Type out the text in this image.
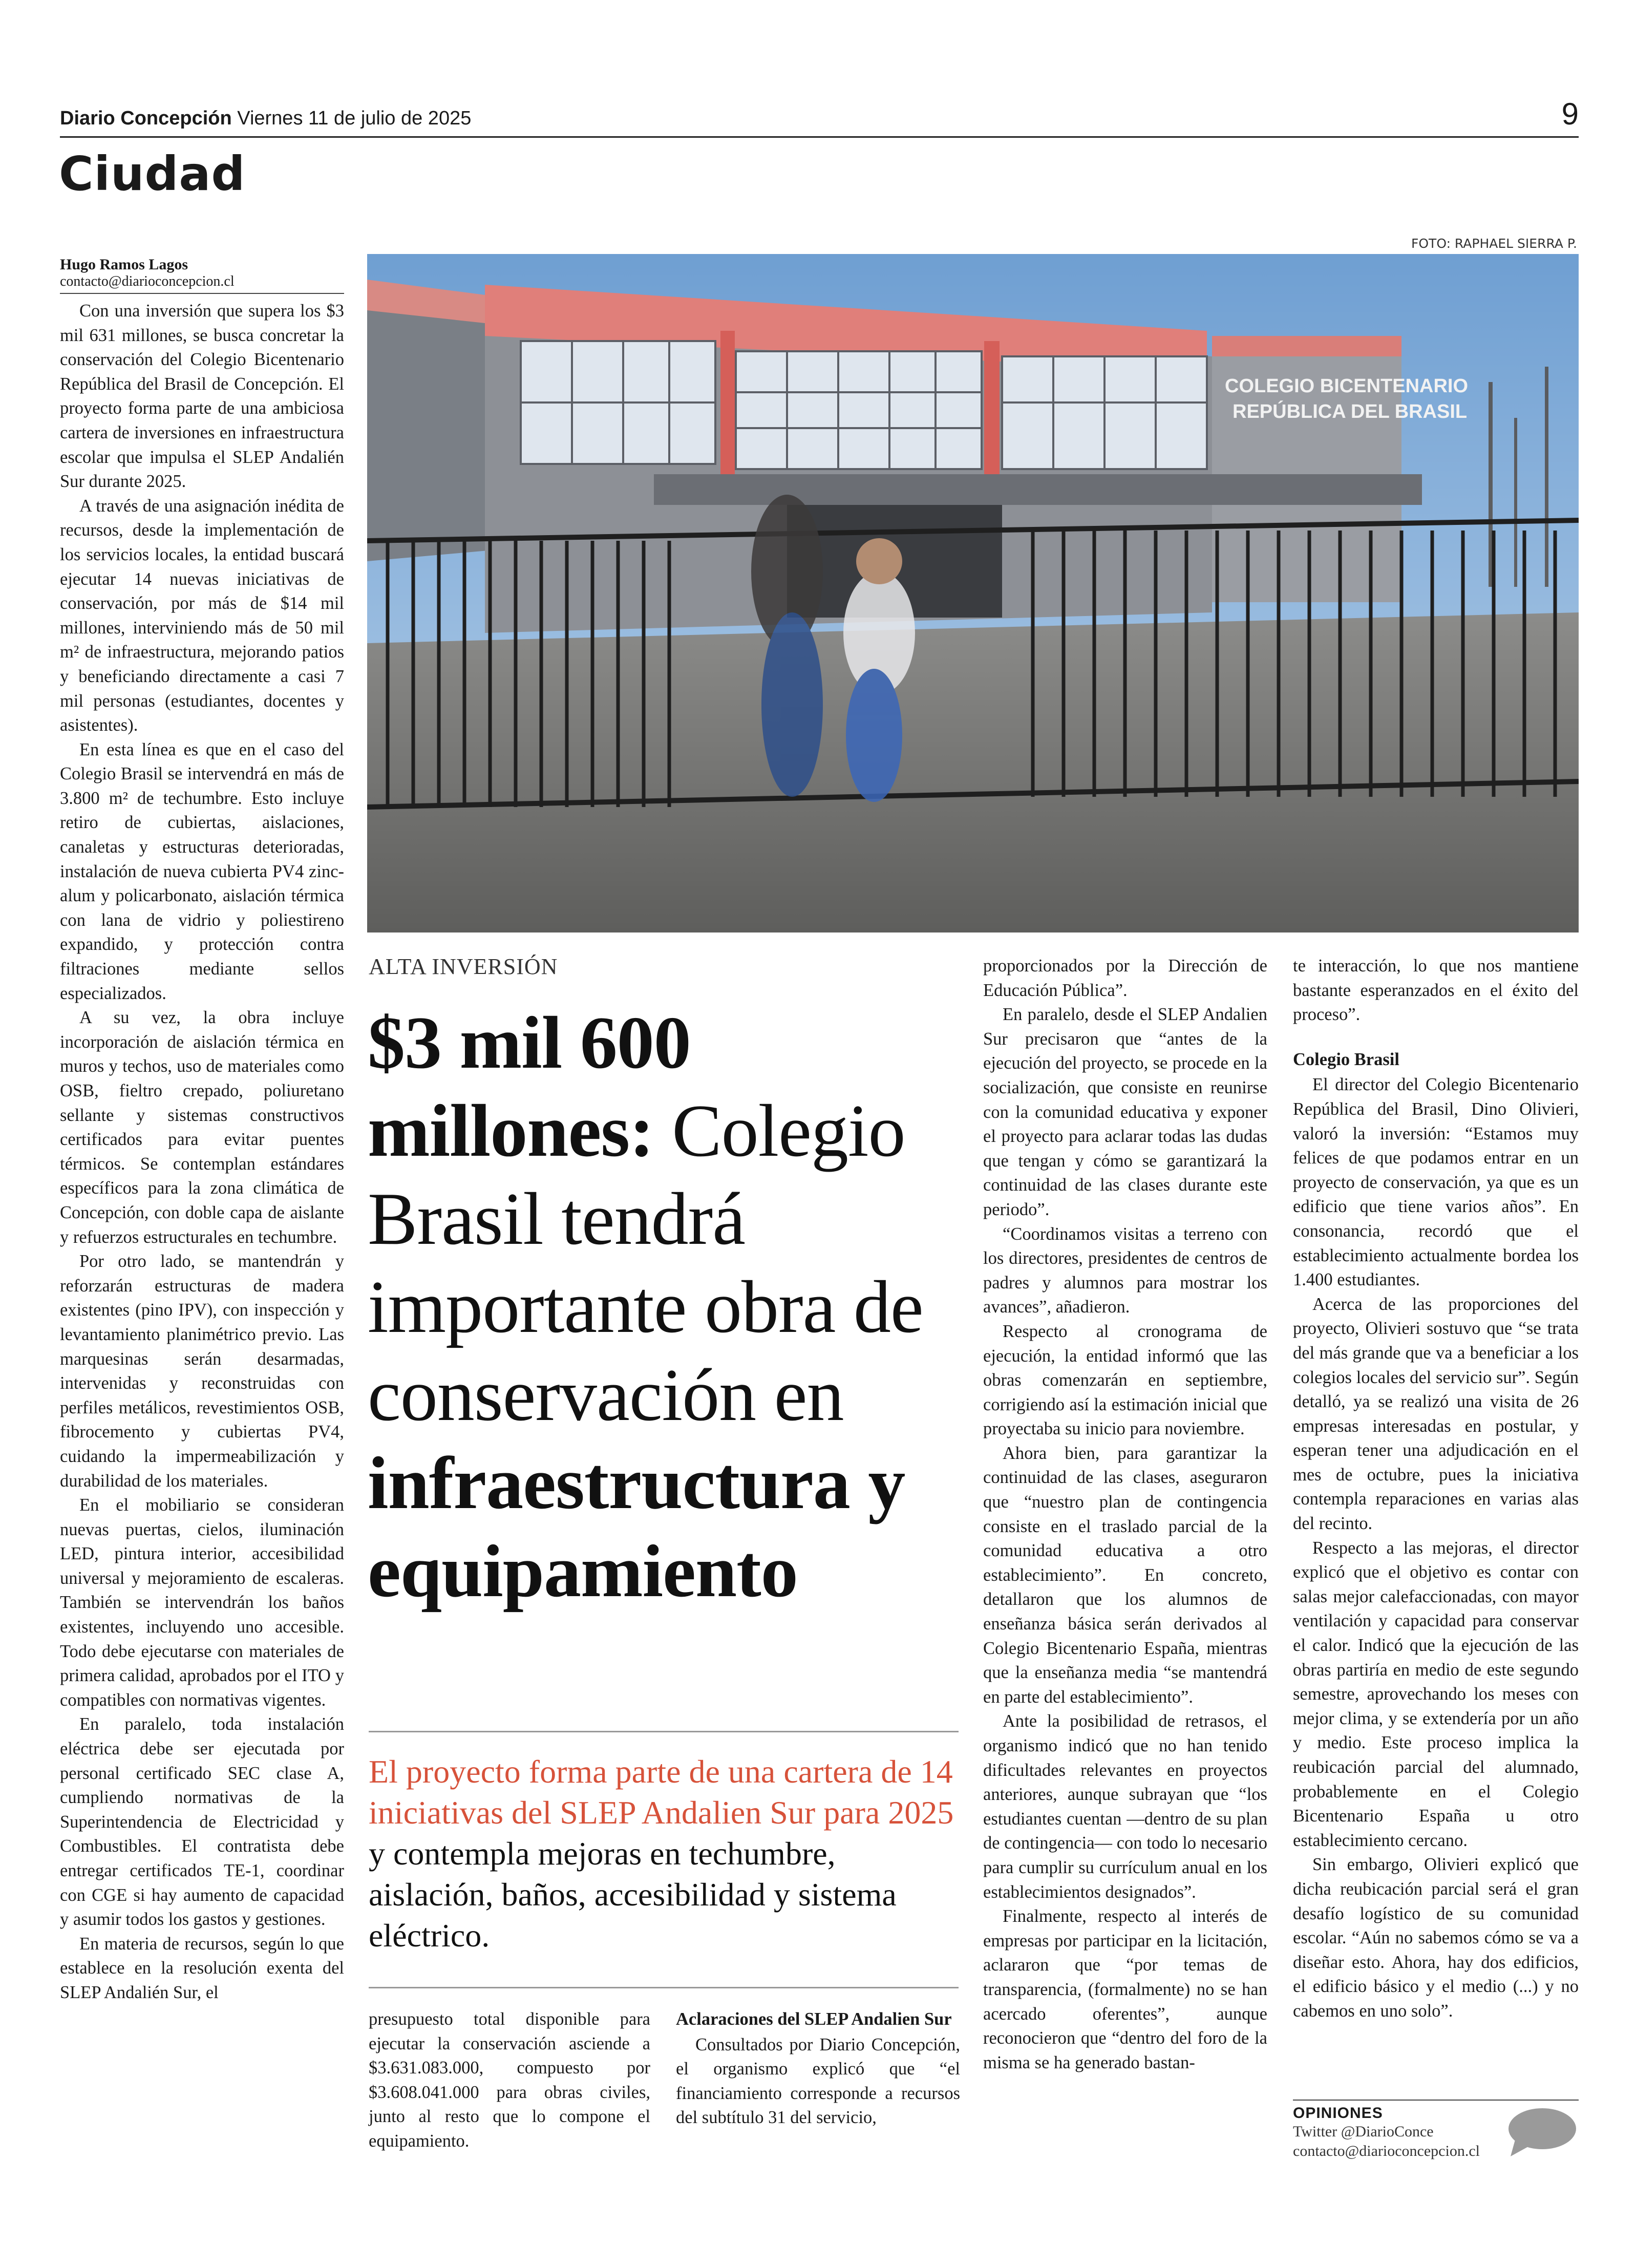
Diario Concepción Viernes 11 de julio de 2025	9
Ciudad
Hugo Ramos Lagos
contacto@diarioconcepcion.cl

Con una inversión que supera los $3 mil 631 millones, se busca concretar la conservación del Colegio Bicentenario República del Brasil de Concepción. El proyecto forma parte de una ambiciosa cartera de inversiones en infraestructura escolar que impulsa el SLEP Andalién Sur durante 2025.

A través de una asignación inédita de recursos, desde la implementación de los servicios locales, la entidad buscará ejecutar 14 nuevas iniciativas de conservación, por más de $14 mil millones, interviniendo más de 50 mil m² de infraestructura, mejorando patios y beneficiando directamente a casi 7 mil personas (estudiantes, docentes y asistentes).

En esta línea es que en el caso del Colegio Brasil se intervendrá en más de 3.800 m² de techumbre. Esto incluye retiro de cubiertas, aislaciones, canaletas y estructuras deterioradas, instalación de nueva cubierta PV4 zinc-alum y policarbonato, aislación térmica con lana de vidrio y poliestireno expandido, y protección contra filtraciones mediante sellos especializados.

A su vez, la obra incluye incorporación de aislación térmica en muros y techos, uso de materiales como OSB, fieltro crepado, poliuretano sellante y sistemas constructivos certificados para evitar puentes térmicos. Se contemplan estándares específicos para la zona climática de Concepción, con doble capa de aislante y refuerzos estructurales en techumbre.

Por otro lado, se mantendrán y reforzarán estructuras de madera existentes (pino IPV), con inspección y levantamiento planimétrico previo. Las marquesinas serán desarmadas, intervenidas y reconstruidas con perfiles metálicos, revestimientos OSB, fibrocemento y cubiertas PV4, cuidando la impermeabilización y durabilidad de los materiales.

En el mobiliario se consideran nuevas puertas, cielos, iluminación LED, pintura interior, accesibilidad universal y mejoramiento de escaleras. También se intervendrán los baños existentes, incluyendo uno accesible. Todo debe ejecutarse con materiales de primera calidad, aprobados por el ITO y compatibles con normativas vigentes.

En paralelo, toda instalación eléctrica debe ser ejecutada por personal certificado SEC clase A, cumpliendo normativas de la Superintendencia de Electricidad y Combustibles. El contratista debe entregar certificados TE-1, coordinar con CGE si hay aumento de capacidad y asumir todos los gastos y gestiones.

En materia de recursos, según lo que establece en la resolución exenta del SLEP Andalién Sur, el

FOTO: RAPHAEL SIERRA P.
COLEGIO BICENTENARIO
REPÚBLICA DEL BRASIL
ALTA INVERSIÓN
$3 mil 600
millones: Colegio Brasil tendrá importante obra de conservación en infraestructura y equipamiento
El proyecto forma parte de una cartera de 14 iniciativas del SLEP Andalien Sur para 2025 y contempla mejoras en techumbre, aislación, baños, accesibilidad y sistema eléctrico.

presupuesto total disponible para ejecutar la conservación asciende a $3.631.083.000, compuesto por $3.608.041.000 para obras civiles, junto al resto que lo compone el equipamiento.

Aclaraciones del SLEP Andalien Sur

Consultados por Diario Concepción, el organismo explicó que “el financiamiento corresponde a recursos del subtítulo 31 del servicio,

proporcionados por la Dirección de Educación Pública”.

En paralelo, desde el SLEP Andalien Sur precisaron que “antes de la ejecución del proyecto, se procede en la socialización, que consiste en reunirse con la comunidad educativa y exponer el proyecto para aclarar todas las dudas que tengan y cómo se garantizará la continuidad de las clases durante este periodo”.

“Coordinamos visitas a terreno con los directores, presidentes de centros de padres y alumnos para mostrar los avances”, añadieron.

Respecto al cronograma de ejecución, la entidad informó que las obras comenzarán en septiembre, corrigiendo así la estimación inicial que proyectaba su inicio para noviembre.

Ahora bien, para garantizar la continuidad de las clases, aseguraron que “nuestro plan de contingencia consiste en el traslado parcial de la comunidad educativa a otro establecimiento”. En concreto, detallaron que los alumnos de enseñanza básica serán derivados al Colegio Bicentenario España, mientras que la enseñanza media “se mantendrá en parte del establecimiento”.

Ante la posibilidad de retrasos, el organismo indicó que no han tenido dificultades relevantes en proyectos anteriores, aunque subrayan que “los estudiantes cuentan —dentro de su plan de contingencia— con todo lo necesario para cumplir su currículum anual en los establecimientos designados”.

Finalmente, respecto al interés de empresas por participar en la licitación, aclararon que “por temas de transparencia, (formalmente) no se han acercado oferentes”, aunque reconocieron que “dentro del foro de la misma se ha generado bastan-

te interacción, lo que nos mantiene bastante esperanzados en el éxito del proceso”.

Colegio Brasil

El director del Colegio Bicentenario República del Brasil, Dino Olivieri, valoró la inversión: “Estamos muy felices de que podamos entrar en un proyecto de conservación, ya que es un edificio que tiene varios años”. En consonancia, recordó que el establecimiento actualmente bordea los 1.400 estudiantes.

Acerca de las proporciones del proyecto, Olivieri sostuvo que “se trata del más grande que va a beneficiar a los colegios locales del servicio sur”. Según detalló, ya se realizó una visita de 26 empresas interesadas en postular, y esperan tener una adjudicación en el mes de octubre, pues la iniciativa contempla reparaciones en varias alas del recinto.

Respecto a las mejoras, el director explicó que el objetivo es contar con salas mejor calefaccionadas, con mayor ventilación y capacidad para conservar el calor. Indicó que la ejecución de las obras partiría en medio de este segundo semestre, aprovechando los meses con mejor clima, y se extendería por un año y medio. Este proceso implica la reubicación parcial del alumnado, probablemente en el Colegio Bicentenario España u otro establecimiento cercano.

Sin embargo, Olivieri explicó que dicha reubicación parcial será el gran desafío logístico de su comunidad escolar. “Aún no sabemos cómo se va a diseñar esto. Ahora, hay dos edificios, el edificio básico y el medio (...) y no cabemos en uno solo”.

OPINIONES
Twitter @DiarioConce
contacto@diarioconcepcion.cl
